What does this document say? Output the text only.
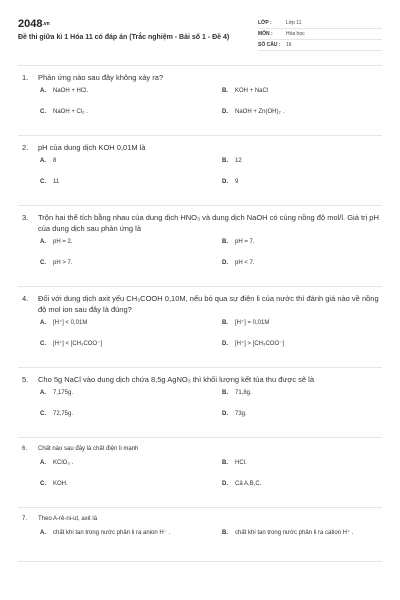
2048.vn
Đề thi giữa kì 1 Hóa 11 có đáp án (Trắc nghiệm - Bài số 1 - Đề 4)
LỚP :	Lớp 11
MÔN :	Hóa học
SỐ CÂU :	16
1.	Phản ứng nào sau đây không xảy ra?
A.	NaOH + HCl.	B.	KOH + NaCl
C.	NaOH + Cl₂ .	D.	NaOH + Zn(OH)₂ .
2.	pH của dung dịch KOH 0,01M là
A.	8	B.	12
C.	11	D.	9
3.	Trộn hai thể tích bằng nhau của dung dịch HNO₃ và dung dịch NaOH có cùng nồng độ mol/l. Giá trị pH của dung dịch sau phản ứng là
A.	pH = 2.	B.	pH = 7.
C.	pH > 7.	D.	pH < 7.
4.	Đối với dung dịch axit yếu CH₃COOH 0,10M, nếu bỏ qua sự điện li của nước thì đánh giá nào về nồng độ mol ion sau đây là đúng?
A.	[H⁺] < 0,01M	B.	[H⁺] = 0,01M
C.	[H⁺] < [CH₃COO⁻]	D.	[H⁺] > [CH₃COO⁻]
5.	Cho 5g NaCl vào dung dịch chứa 8,5g AgNO₃ thì khối lượng kết tủa thu được sẽ là
A.	7,175g.	B.	71,8g.
C.	72,75g.	D.	73g.
6.	Chất nào sau đây là chất điện li mạnh
A.	KClO₃ .	B.	HCl.
C.	KOH.	D.	Cả A,B,C.
7.	Theo A-rê-ni-ut, axit là
A.	chất khi tan trong nước phân li ra anion H⁻ .	B.	chất khi tan trong nước phân li ra cation H⁺ .
